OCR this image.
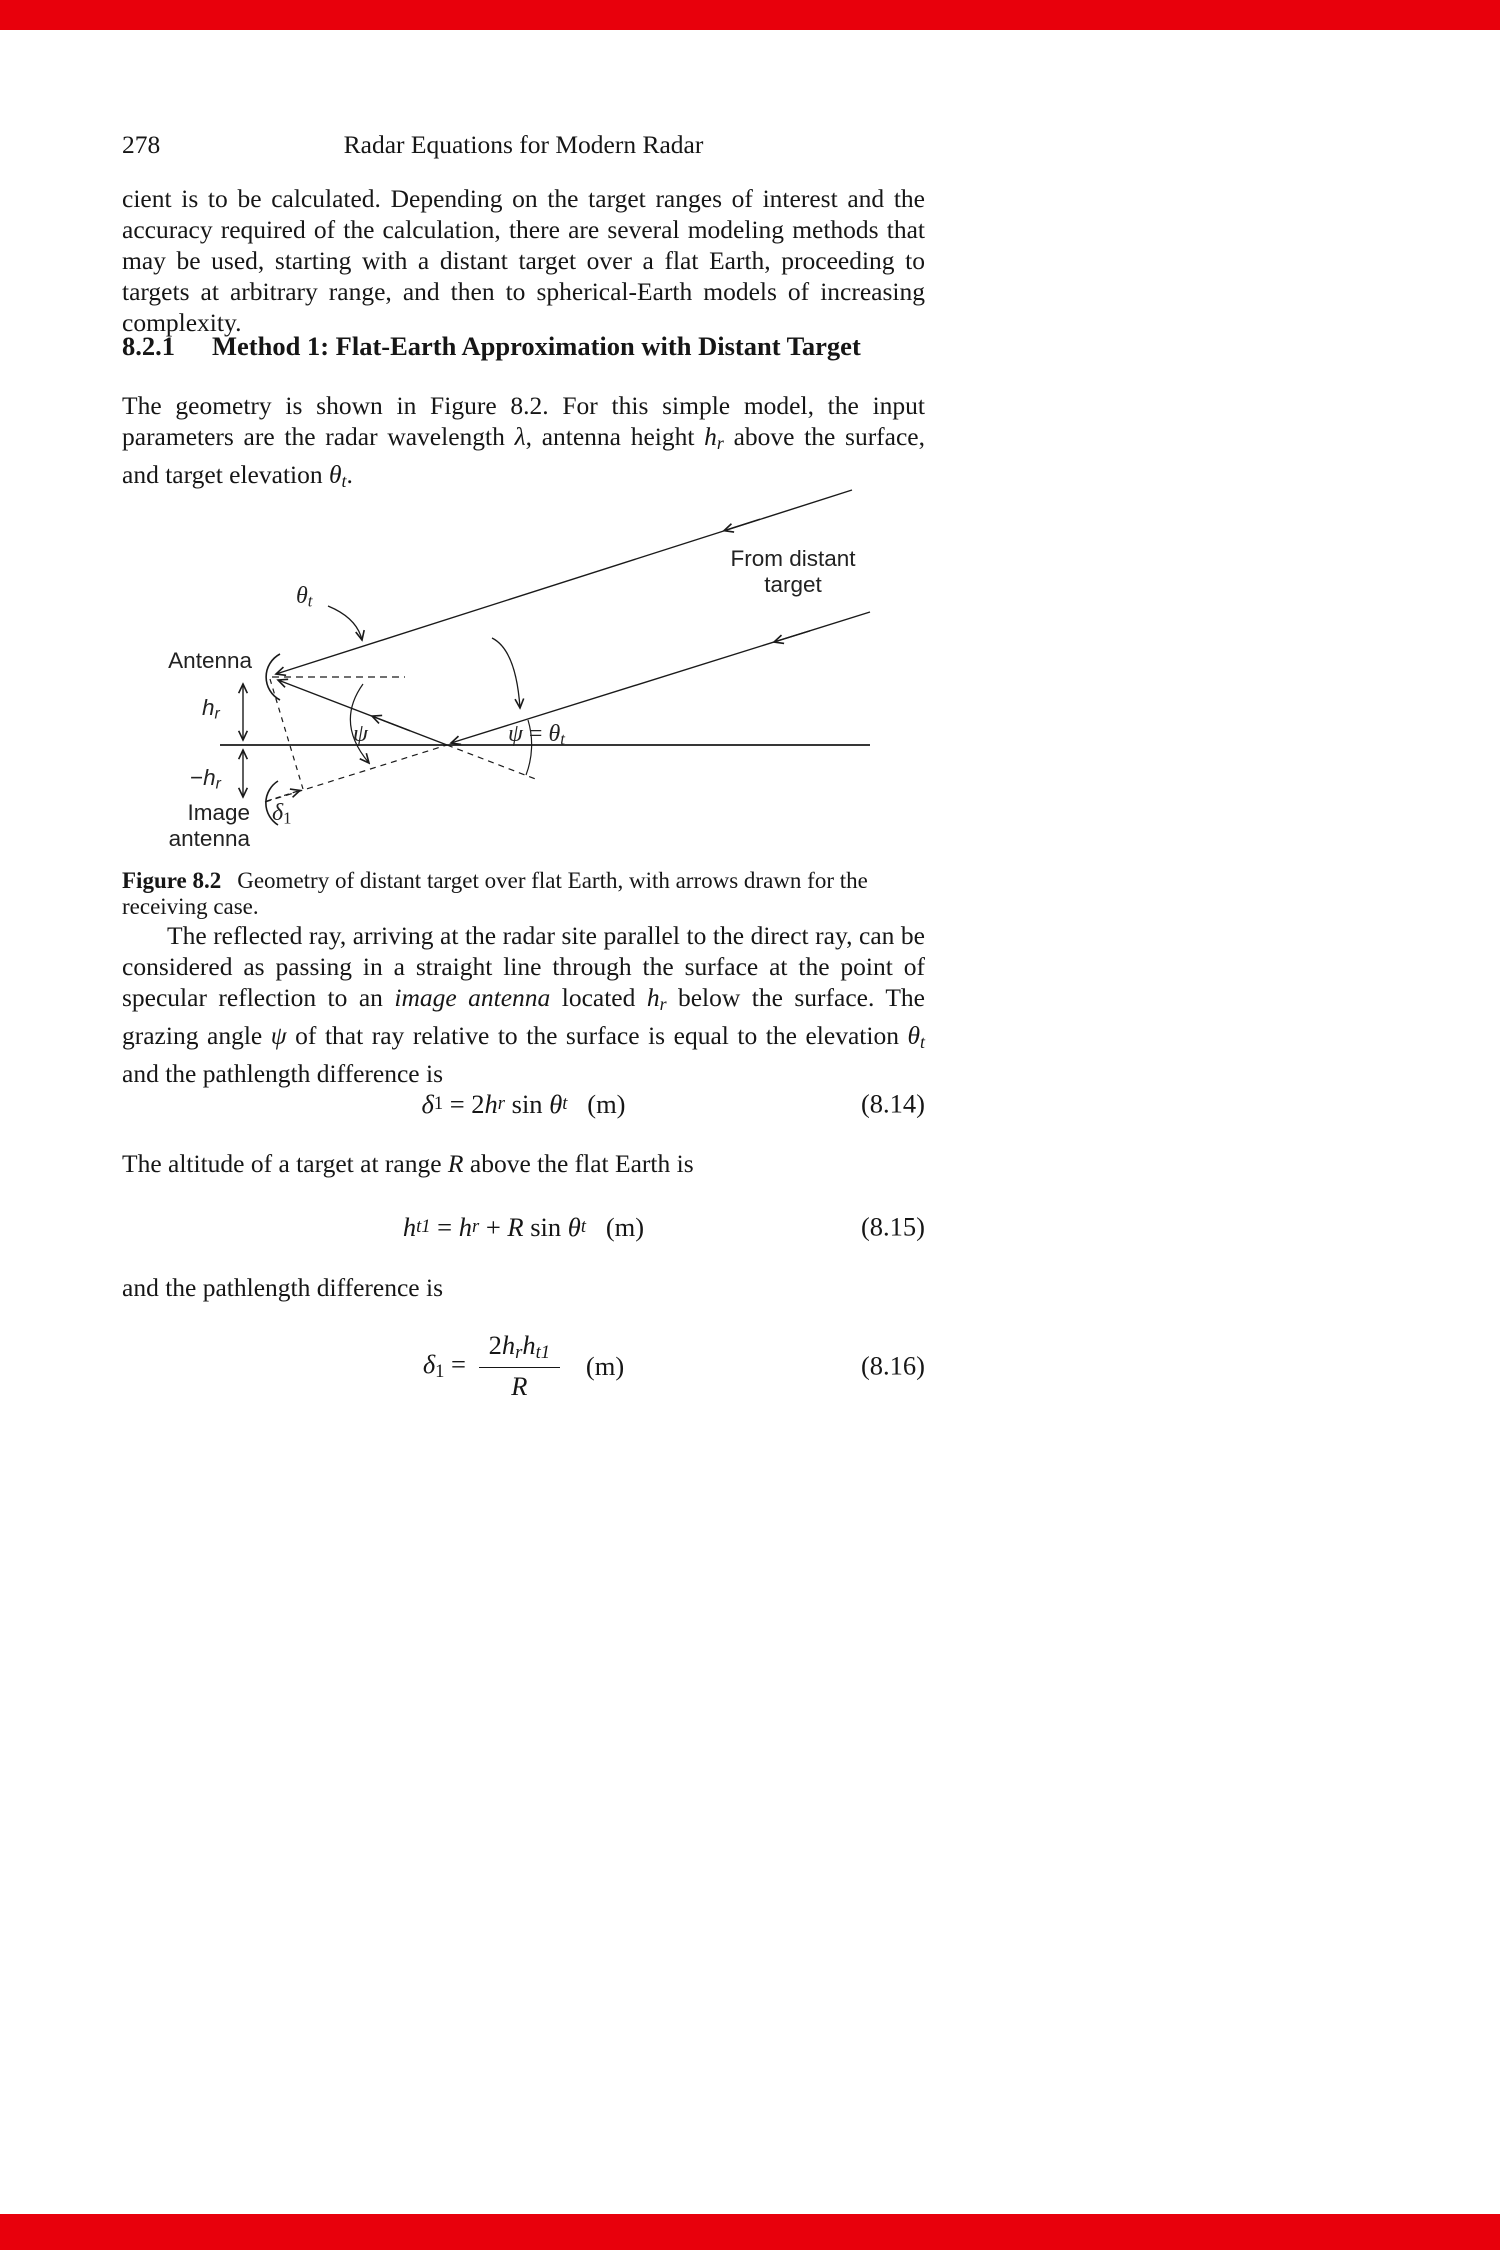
278	Radar Equations for Modern Radar

cient is to be calculated. Depending on the target ranges of interest and the accuracy required of the calculation, there are several modeling methods that may be used, starting with a distant target over a flat Earth, proceeding to targets at arbitrary range, and then to spherical-Earth models of increasing complexity.

8.2.1 Method 1: Flat-Earth Approximation with Distant Target

The geometry is shown in Figure 8.2. For this simple model, the input parameters are the radar wavelength λ, antenna height hr above the surface, and target elevation θt.

From distant
target
Antenna
hr
−hr
Image
antenna
δ1
θt
ψ	ψ = θt
Figure 8.2 Geometry of distant target over flat Earth, with arrows drawn for the receiving case.

The reflected ray, arriving at the radar site parallel to the direct ray, can be considered as passing in a straight line through the surface at the point of specular reflection to an image antenna located hr below the surface. The grazing angle ψ of that ray relative to the surface is equal to the elevation θt and the pathlength difference is

δ 1 = 2 h r sin θ t (m)	(8.14)

The altitude of a target at range R above the flat Earth is

h t1 = h r + R sin θ t (m)	(8.15)

and the pathlength difference is

$\delta 1 = \frac{\text{2hrht1}}{R} (m)$	(8.16)
